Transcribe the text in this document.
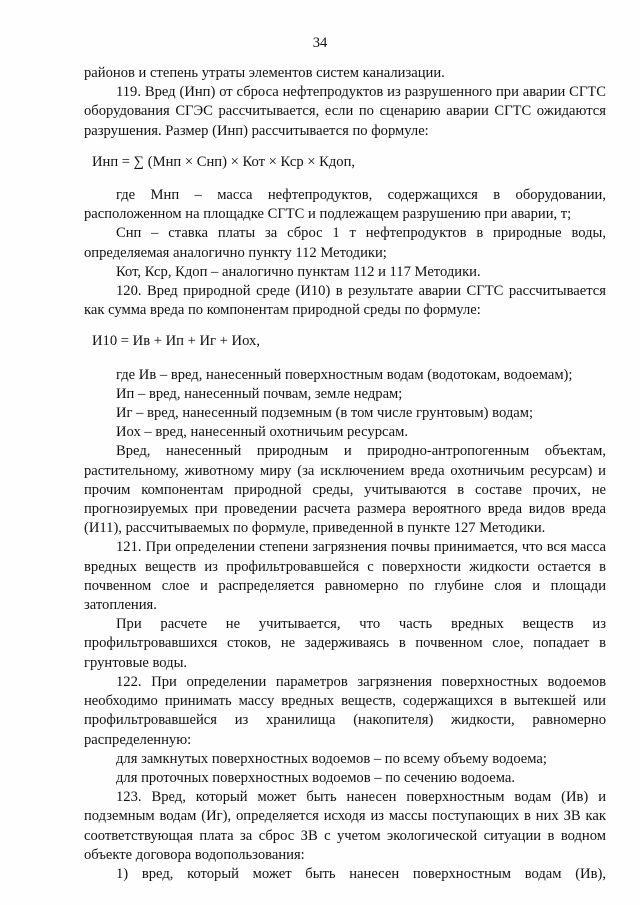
34

районов и степень утраты элементов систем канализации.

119. Вред (Инп) от сброса нефтепродуктов из разрушенного при аварии СГТС оборудования СГЭС рассчитывается, если по сценарию аварии СГТС ожидаются разрушения. Размер (Инп) рассчитывается по формуле:

Инп = ∑ (Мнп × Снп) × Кот × Кср × Кдоп,

где Мнп – масса нефтепродуктов, содержащихся в оборудовании, расположенном на площадке СГТС и подлежащем разрушению при аварии, т;

Снп – ставка платы за сброс 1 т нефтепродуктов в природные воды, определяемая аналогично пункту 112 Методики;

Кот, Кср, Кдоп – аналогично пунктам 112 и 117 Методики.

120. Вред природной среде (И10) в результате аварии СГТС рассчитывается как сумма вреда по компонентам природной среды по формуле:

И10 = Ив + Ип + Иг + Иох,

где Ив – вред, нанесенный поверхностным водам (водотокам, водоемам);

Ип – вред, нанесенный почвам, земле недрам;

Иг – вред, нанесенный подземным (в том числе грунтовым) водам;

Иох – вред, нанесенный охотничьим ресурсам.

Вред, нанесенный природным и природно-антропогенным объектам, растительному, животному миру (за исключением вреда охотничьим ресурсам) и прочим компонентам природной среды, учитываются в составе прочих, не прогнозируемых при проведении расчета размера вероятного вреда видов вреда (И11), рассчитываемых по формуле, приведенной в пункте 127 Методики.

121. При определении степени загрязнения почвы принимается, что вся масса вредных веществ из профильтровавшейся с поверхности жидкости остается в почвенном слое и распределяется равномерно по глубине слоя и площади затопления.

При расчете не учитывается, что часть вредных веществ из профильтровавшихся стоков, не задерживаясь в почвенном слое, попадает в грунтовые воды.

122. При определении параметров загрязнения поверхностных водоемов необходимо принимать массу вредных веществ, содержащихся в вытекшей или профильтровавшейся из хранилища (накопителя) жидкости, равномерно распределенную:

для замкнутых поверхностных водоемов – по всему объему водоема;

для проточных поверхностных водоемов – по сечению водоема.

123. Вред, который может быть нанесен поверхностным водам (Ив) и подземным водам (Иг), определяется исходя из массы поступающих в них ЗВ как соответствующая плата за сброс ЗВ с учетом экологической ситуации в водном объекте договора водопользования:

1) вред, который может быть нанесен поверхностным водам (Ив),
